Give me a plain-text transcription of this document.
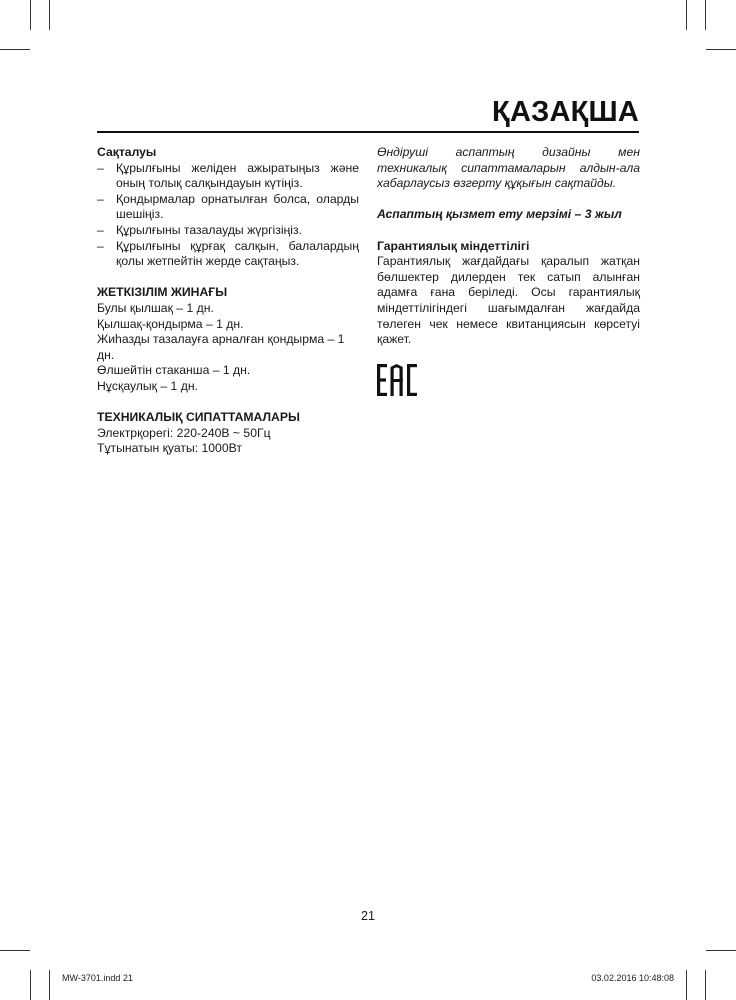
ҚАЗАҚША
Сақталуы
– Құрылғыны желіден ажыратыңыз және оның толық салқындауын күтіңіз.
– Қондырмалар орнатылған болса, оларды шешіңіз.
– Құрылғыны тазалауды жүргізіңіз.
– Құрылғыны құрғақ салқын, балалардың қолы жетпейтін жерде сақтаңыз.
ЖЕТКІЗІЛІМ ЖИНАҒЫ
Булы қылшақ – 1 дн.
Қылшақ-қондырма – 1 дн.
Жиhазды тазалауға арналған қондырма – 1 дн.
Өлшейтін стаканша – 1 дн.
Нұсқаулық – 1 дн.
ТЕХНИКАЛЫҚ СИПАТТАМАЛАРЫ
Электрқорегі: 220-240В ~ 50Гц
Тұтынатын қуаты: 1000Вт
Өндіруші аспаптың дизайны мен техникалық сипаттамаларын алдын-ала хабарлаусыз өзгерту құқығын сақтайды.
Аспаптың қызмет ету мерзімі – 3 жыл
Гарантиялық міндеттілігі
Гарантиялық жағдайдағы қаралып жатқан бөлшектер дилерден тек сатып алынған адамға ғана беріледі. Осы гарантиялық міндеттілігіндегі шағымдалған жағдайда төлеген чек немесе квитанциясын көрсетуі қажет.
21
MW-3701.indd 21	03.02.2016 10:48:08
